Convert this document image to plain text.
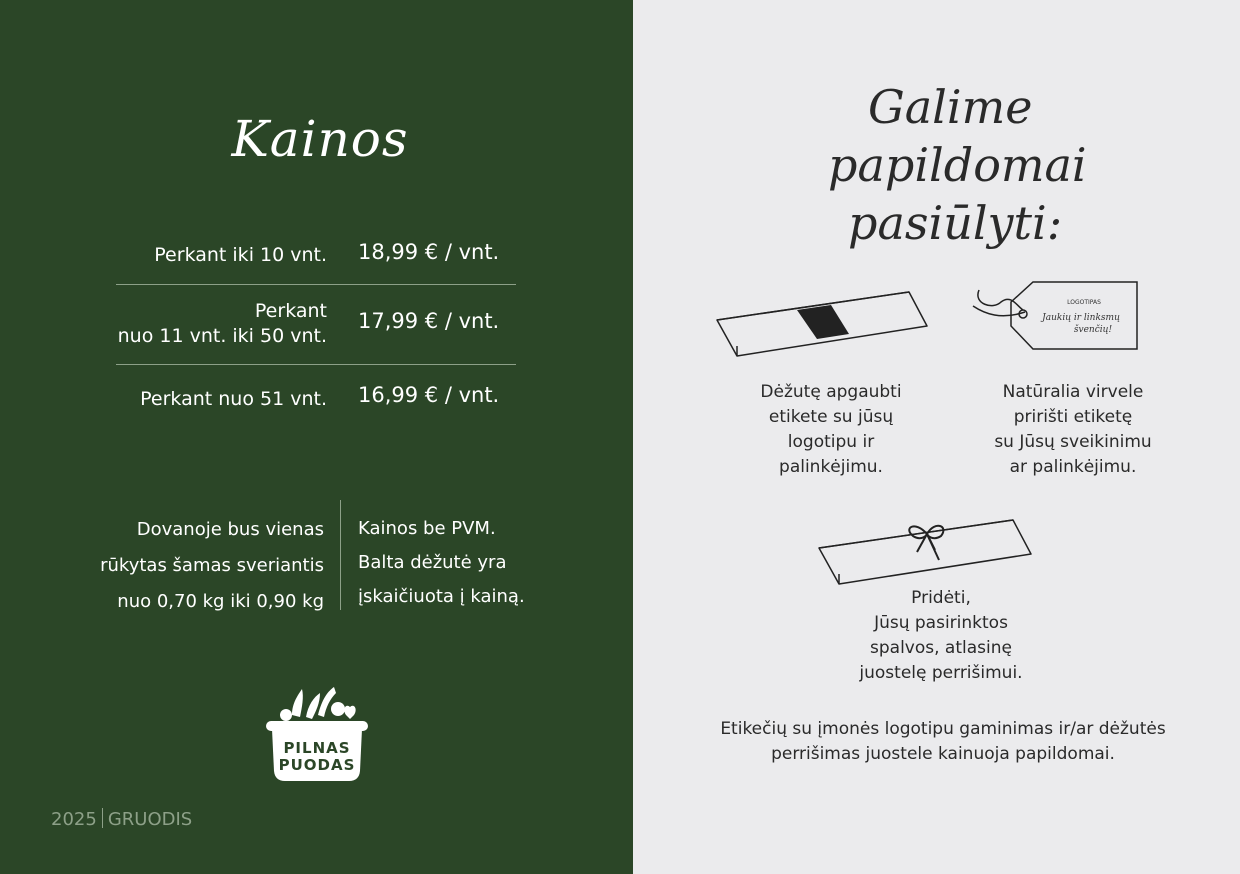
Kainos
Perkant iki 10 vnt. 18,99 € / vnt.
Perkant
nuo 11 vnt. iki 50 vnt.
17,99 € / vnt.
Perkant nuo 51 vnt. 16,99 € / vnt.
Dovanoje bus vienas
rūkytas šamas sveriantis
nuo 0,70 kg iki 0,90 kg
Kainos be PVM.
Balta dėžutė yra
įskaičiuota į kainą.
PILNAS
PUODAS
2025 GRUODIS
Galime
papildomai
pasiūlyti:
LOGOTIPAS
Jaukių ir linksmų
švenčių!
Dėžutę apgaubti
etikete su jūsų
logotipu ir
palinkėjimu.
Natūralia virvele
pririšti etiketę
su Jūsų sveikinimu
ar palinkėjimu.
Pridėti,
Jūsų pasirinktos
spalvos, atlasinę
juostelę perrišimui.
Etikečių su įmonės logotipu gaminimas ir/ar dėžutės
perrišimas juostele kainuoja papildomai.
